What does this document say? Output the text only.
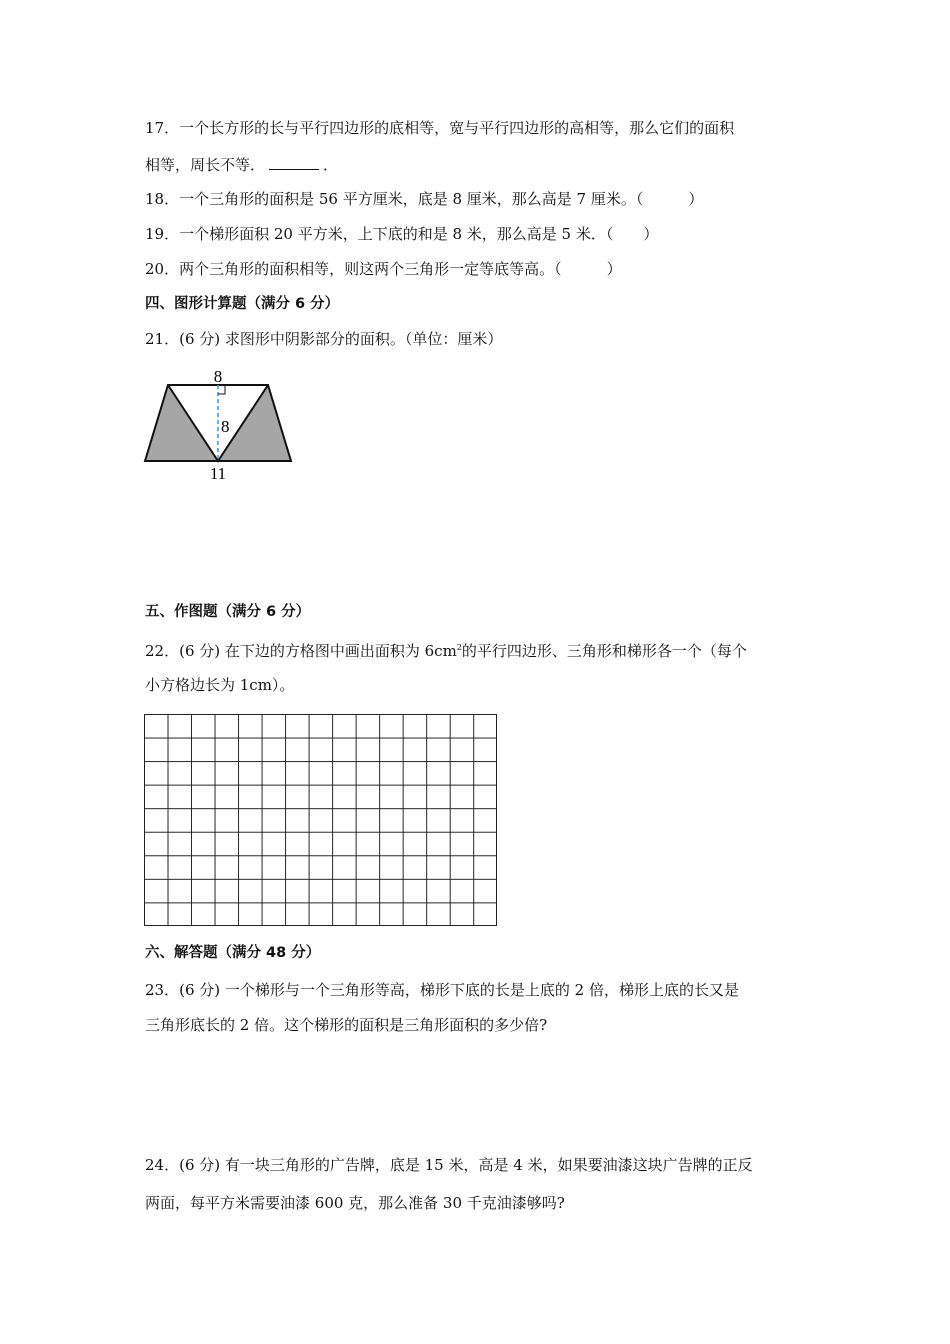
17．一个长方形的长与平行四边形的底相等，宽与平行四边形的高相等，那么它们的面积
相等，周长不等．	．
18．一个三角形的面积是 56 平方厘米，底是 8 厘米，那么高是 7 厘米。（　　　）
19．一个梯形面积 20 平方米，上下底的和是 8 米，那么高是 5 米．（　　）
20．两个三角形的面积相等，则这两个三角形一定等底等高。（　　　）
四、图形计算题（满分 6 分）
21．(6 分) 求图形中阴影部分的面积。（单位：厘米）
8
8
11
五、作图题（满分 6 分）
22．(6 分) 在下边的方格图中画出面积为 $6cm^2$的平行四边形、三角形和梯形各一个（每个
小方格边长为 1cm）。
六、解答题（满分 48 分）
23．(6 分) 一个梯形与一个三角形等高，梯形下底的长是上底的 2 倍，梯形上底的长又是
三角形底长的 2 倍。这个梯形的面积是三角形面积的多少倍?
24．(6 分) 有一块三角形的广告牌，底是 15 米，高是 4 米，如果要油漆这块广告牌的正反
两面，每平方米需要油漆 600 克，那么准备 30 千克油漆够吗?
